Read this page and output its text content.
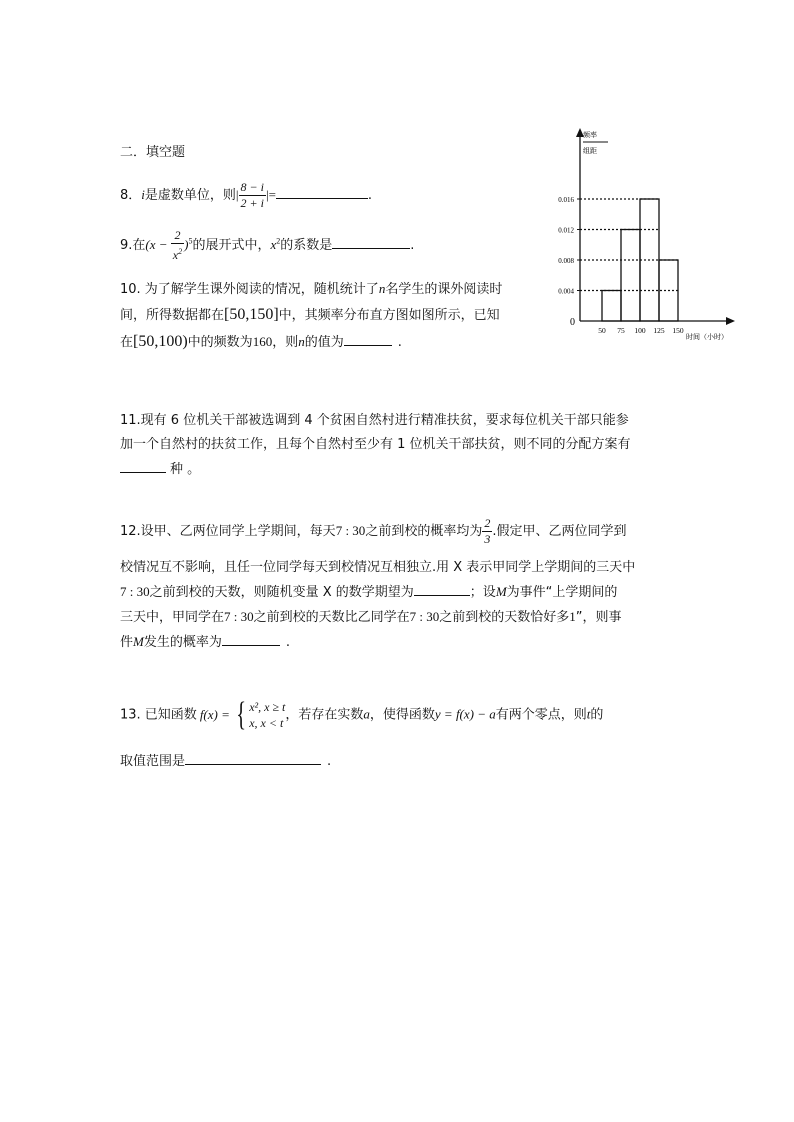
二．填空题
8．i是虚数单位，则| $\frac{8 - i}{2 + i}$ |=	.
9.在$(x - \frac{2}{x^2} )^5$的展开式中，$x^2$的系数是	.
10. 为了解学生课外阅读的情况，随机统计了n名学生的课外阅读时
间，所得数据都在[50,150]中，其频率分布直方图如图所示，已知
在[50,100)中的频数为160，则n的值为	.
频率
组距
0
时间（小时）
0.004
0.008
0.012
0.016
50 75 100 125 150
11.现有 6 位机关干部被选调到 4 个贫困自然村进行精准扶贫，要求每位机关干部只能参
加一个自然村的扶贫工作，且每个自然村至少有 1 位机关干部扶贫，则不同的分配方案有
种 。
12.设甲、乙两位同学上学期间，每天7 : 30之前到校的概率均为 $\frac{2}{3}$ .假定甲、乙两位同学到
校情况互不影响，且任一位同学每天到校情况互相独立.用 X 表示甲同学上学期间的三天中
7 : 30之前到校的天数，则随机变量 X 的数学期望为	；设M为事件“上学期间的
三天中，甲同学在7 : 30之前到校的天数比乙同学在7 : 30之前到校的天数恰好多1”，则事
件M发生的概率为	.
13. 已知函数 f(x) = { x², x ≥ t
x, x < t
，若存在实数a，使得函数y = f(x) − a有两个零点，则t的
取值范围是	.
